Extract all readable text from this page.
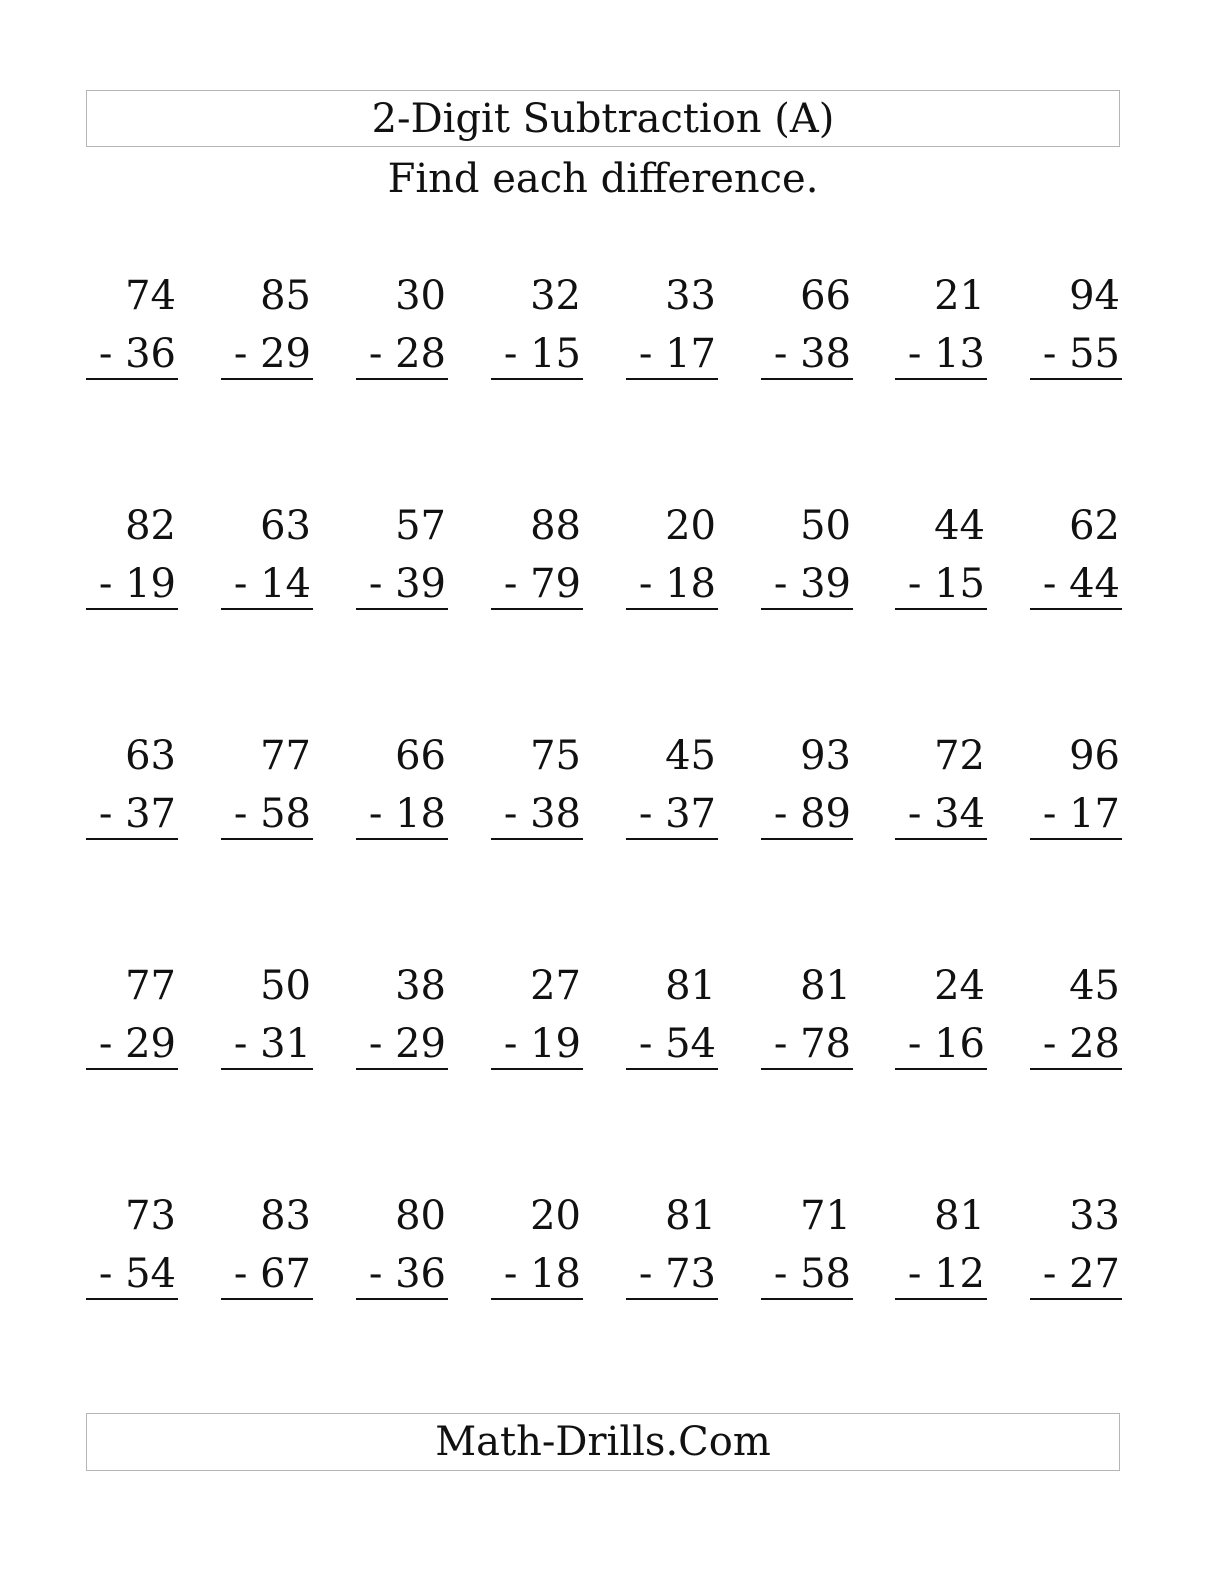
2-Digit Subtraction (A)
Find each difference.
74
- 36
85
- 29
30
- 28
32
- 15
33
- 17
66
- 38
21
- 13
94
- 55
82
- 19
63
- 14
57
- 39
88
- 79
20
- 18
50
- 39
44
- 15
62
- 44
63
- 37
77
- 58
66
- 18
75
- 38
45
- 37
93
- 89
72
- 34
96
- 17
77
- 29
50
- 31
38
- 29
27
- 19
81
- 54
81
- 78
24
- 16
45
- 28
73
- 54
83
- 67
80
- 36
20
- 18
81
- 73
71
- 58
81
- 12
33
- 27
Math-Drills.Com
